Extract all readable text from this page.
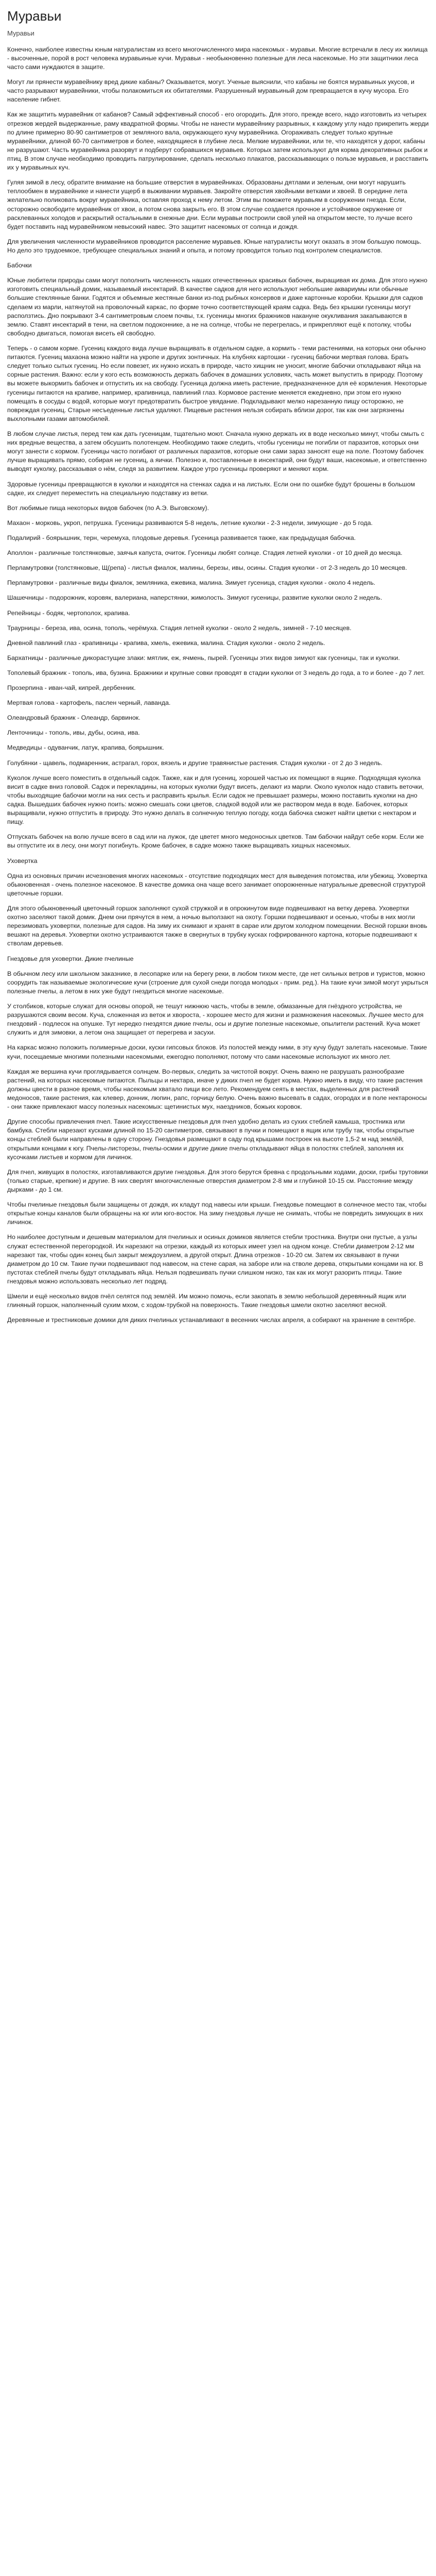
Муравьи
Муравьи

Конечно, наиболее известны юным натуралистам из всего многочисленного мира насекомых - муравьи. Многие встречали в лесу их жилища - высоченные, порой в рост человека муравьиные кучи. Муравьи - необыкновенно полезные для леса насекомые. Но эти защитники леса часто сами нуждаются в защите.

Могут ли прянести муравейнику вред дикие кабаны? Оказывается, могут. Ученые выяснили, что кабаны не боятся муравьиных укусов, и часто разрывают муравейники, чтобы полакомиться их обитателями. Разрушенный муравьиный дом превращается в кучу мусора. Его население гибнет.

Как же защитить муравейник от кабанов? Самый эффективный способ - его огородить. Для этого, прежде всего, надо изготовить из четырех отрезков жердей выдержанные, раму квадратной формы. Чтобы не нанести муравейнику разрывных, к каждому углу надо прикрепить жерди по длине примерно 80-90 сантиметров от земляного вала, окружающего кучу муравейника. Огораживать следует только крупные муравейники, длиной 60-70 сантиметров и более, находящиеся в глубине леса. Мелкие муравейники, или те, что находятся у дорог, кабаны не разрушают. Часть муравейника разорвут и подберут собравшихся муравьев. Которых затем используют для корма декоративных рыбок и птиц. В этом случае необходимо проводить патрулирование, сделать несколько плакатов, рассказывающих о пользе муравьев, и расставить их у муравьиных куч.

Гуляя зимой в лесу, обратите внимание на большие отверстия в муравейниках. Образованы дятлами и зеленым, они могут нарушить теплообмен в муравейнике и нанести ущерб в выживании муравьев. Закройте отверстия хвойными ветками и хвоей. В середине лета желательно поликовать вокруг муравейника, оставляя проход к нему летом. Этим вы поможете муравьям в сооружении гнезда. Если, осторожно освободите муравейник от хвои, а потом снова закрыть его. В этом случае создается прочное и устойчивое окружение от расклеванных холодов и раскрытий остальными в снежные дни. Если муравьи построили свой улей на открытом месте, то лучше всего будет поставить над муравейником невысокий навес. Это защитит насекомых от солнца и дождя.

Для увеличения численности муравейников проводится расселение муравьев. Юные натуралисты могут оказать в этом большую помощь. Но дело это трудоемкое, требующее специальных знаний и опыта, и потому проводится только под контролем специалистов.

Бабочки

Юные любители природы сами могут пополнить численность наших отечественных красивых бабочек, выращивая их дома. Для этого нужно изготовить специальный домик, называемый инсектарий. В качестве садков для него используют небольшие аквариумы или обычные большие стеклянные банки. Годятся и объемные жестяные банки из-под рыбных консервов и даже картонные коробки. Крышки для садков сделаем из марли, натянутой на проволочный каркас, по форме точно соответствующей краям садка. Ведь без крышки гусеницы могут расползтись. Дно покрывают 3-4 сантиметровым слоем почвы, т.к. гусеницы многих бражников накануне окукливания закапываются в землю. Ставят инсектарий в тени, на светлом подоконнике, а не на солнце, чтобы не перегрелась, и прикрепляют ещё к потолку, чтобы свободно двигаться, помогая висеть ей свободно.

Теперь - о самом корме. Гусениц каждого вида лучше выращивать в отдельном садке, а кормить - теми растениями, на которых они обычно питаются. Гусениц махаона можно найти на укропе и других зонтичных. На клубнях картошки - гусениц бабочки мертвая голова. Брать следует только сытых гусениц. Но если повезет, их нужно искать в природе, часто хищник не уносит, многие бабочки откладывают яйца на сорные растения. Важно: если у кого есть возможность держать бабочек в домашних условиях, часть может выпустить в природу. Поэтому вы можете выкормить бабочек и отпустить их на свободу. Гусеница должна иметь растение, предназначенное для её кормления. Некоторые гусеницы питаются на крапиве, например, крапивница, павлиний глаз. Кормовое растение меняется ежедневно, при этом его нужно помещать в сосуды с водой, которые могут предотвратить быстрое увядание. Подкладывают мелко нарезанную пищу осторожно, не повреждая гусениц. Старые несъеденные листья удаляют. Пищевые растения нельзя собирать вблизи дорог, так как они загрязнены выхлопными газами автомобилей.

В любом случае листья, перед тем как дать гусеницам, тщательно моют. Сначала нужно держать их в воде несколько минут, чтобы смыть с них вредные вещества, а затем обсушить полотенцем. Необходимо также следить, чтобы гусеницы не погибли от паразитов, которых они могут занести с кормом. Гусеницы часто погибают от различных паразитов, которые они сами зараз заносят еще на поле. Поэтому бабочек лучше выращивать прямо, собирая не гусениц, а яички. Полезно и, поставленные в инсектарий, они будут ваши, насекомые, и ответственно выводят куколку, рассказывая о нём, следя за развитием. Каждое утро гусеницы проверяют и меняют корм.

Здоровые гусеницы превращаются в куколки и находятся на стенках садка и на листьях. Если они по ошибке будут брошены в большом садке, их следует переместить на специальную подставку из ветки.

Вот любимые пища некоторых видов бабочек (по А.Э. Выговскому).

Махаон - морковь, укроп, петрушка. Гусеницы развиваются 5-8 недель, летние куколки - 2-3 недели, зимующие - до 5 года.

Подалирий - боярышник, терн, черемуха, плодовые деревья. Гусеница развивается также, как предыдущая бабочка.

Аполлон - различные толстянковые, заячья капуста, очиток. Гусеницы любят солнце. Стадия летней куколки - от 10 дней до месяца.

Перламутровки (толстянковые, Щ(репа) - листья фиалок, малины, березы, ивы, осины. Стадия куколки - от 2-3 недель до 10 месяцев.

Перламутровки - различные виды фиалок, земляника, ежевика, малина. Зимует гусеница, стадия куколки - около 4 недель.

Шашечницы - подорожник, коровяк, валериана, наперстянки, жимолость. Зимуют гусеницы, развитие куколки около 2 недель.

Репейницы - бодяк, чертополох, крапива.

Траурницы - береза, ива, осина, тополь, черёмуха. Стадия летней куколки - около 2 недель, зимней - 7-10 месяцев.

Дневной павлиний глаз - крапивницы - крапива, хмель, ежевика, малина. Стадия куколки - около 2 недель.

Бархатницы - различные дикорастущие злаки: мятлик, еж, ячмень, пырей. Гусеницы этих видов зимуют как гусеницы, так и куколки.

Тополевый бражник - тополь, ива, бузина. Бражники и крупные совки проводят в стадии куколки от 3 недель до года, а то и более - до 7 лет.

Прозерпина - иван-чай, кипрей, дербенник.

Мертвая голова - картофель, паслен черный, лаванда.

Олеандровый бражник - Олеандр, барвинок.

Ленточницы - тополь, ивы, дубы, осина, ива.

Медведицы - одуванчик, латук, крапива, боярышник.

Голубянки - щавель, подмаренник, астрагал, горох, вязель и другие травянистые растения. Стадия куколки - от 2 до 3 недель.

Куколок лучше всего поместить в отдельный садок. Также, как и для гусениц, хорошей частью их помещают в ящике. Подходящая куколка висит в садке вниз головой. Садок и перекладины, на которых куколки будут висеть, делают из марли. Около куколок надо ставить веточки, чтобы выходящие бабочки могли на них сесть и расправить крылья. Если садок не превышает размеры, можно поставить куколки на дно садка. Вышедших бабочек нужно поить: можно смешать соки цветов, сладкой водой или же раствором меда в воде. Бабочек, которых выращивали, нужно отпустить в природу. Это нужно делать в солнечную теплую погоду, когда бабочка сможет найти цветки с нектаром и пищу.

Отпускать бабочек на волю лучше всего в сад или на лужок, где цветет много медоносных цветков. Там бабочки найдут себе корм. Если же вы отпустите их в лесу, они могут погибнуть. Кроме бабочек, в садке можно также выращивать хищных насекомых.

Уховертка

Одна из основных причин исчезновения многих насекомых - отсутствие подходящих мест для выведения потомства, или убежищ. Уховертка обыкновенная - очень полезное насекомое. В качестве домика она чаще всего занимает опорожненные натуральные древесной структурой цветочные горшки.

Для этого обыкновенный цветочный горшок заполняют сухой стружкой и в опрокинутом виде подвешивают на ветку дерева. Уховертки охотно заселяют такой домик. Днем они прячутся в нем, а ночью выползают на охоту. Горшки подвешивают и осенью, чтобы в них могли перезимовать уховертки, полезные для садов. На зиму их снимают и хранят в сарае или другом холодном помещении. Весной горшки вновь вешают на деревья. Уховертки охотно устраиваются также в свернутых в трубку кусках гофрированного картона, которые подвешивают к стволам деревьев.

Гнездовье для уховертки. Дикие пчелиные

В обычном лесу или школьном заказнике, в лесопарке или на берегу реки, в любом тихом месте, где нет сильных ветров и туристов, можно соорудить так называемые экологические кучи (строение для сухой снеди погода молодых - прим. ред.). Нa такие кучи зимой могут укрыться полезные пчелы, а летом в них уже будут гнездиться многие насекомые.

У столбиков, которые служат для основы опорой, не тешут нижнюю часть, чтобы в земле, обмазанные для гнёздного устройства, не разрушаются своим весом. Куча, сложенная из веток и хвороста, - хорошее место для жизни и размножения насекомых. Лучшее место для гнездовий - подлесок на опушке. Тут нередко гнездятся дикие пчелы, осы и другие полезные насекомые, опылители растений. Куча может служить и для зимовки, а летом она защищает от перегрева и засухи.

На каркас можно положить полимерные доски, куски гипсовых блоков. Из полостей между ними, в эту кучу будут залетать насекомые. Такие кучи, посещаемые многими полезными насекомыми, ежегодно пополняют, потому что сами насекомые используют их много лет.

Каждая же вершина кучи проглядывается солнцем. Во-первых, следить за чистотой вокруг. Очень важно не разрушать разнообразие растений, на которых насекомые питаются. Пыльцы и нектара, иначе у диких пчел не будет корма. Нужно иметь в виду, что такие растения должны цвести в разное время, чтобы насекомым хватало пищи все лето. Рекомендуем сеять в местах, выделенных для растений медоносов, такие растения, как клевер, донник, люпин, рапс, горчицу белую. Очень важно высевать в садах, огородах и в поле нектароносы - они также привлекают массу полезных насекомых: щетинистых мух, наездников, божьих коровок.

Другие способы привлечения пчел. Такие искусственные гнездовья для пчел удобно делать из сухих стеблей камыша, тростника или бамбука. Стебли нарезают кусками длиной по 15-20 сантиметров, связывают в пучки и помещают в ящик или трубу так, чтобы открытые концы стеблей были направлены в одну сторону. Гнездовья размещают в саду под крышами построек на высоте 1,5-2 м над землёй, открытыми концами к югу. Пчелы-листорезы, пчелы-осмии и другие дикие пчелы откладывают яйца в полостях стеблей, заполняя их кусочками листьев и кормом для личинок.

Для пчел, живущих в полостях, изготавливаются другие гнездовья. Для этого берутся бревна с продольными ходами, доски, грибы трутовики (только старые, крепкие) и другие. В них сверлят многочисленные отверстия диаметром 2-8 мм и глубиной 10-15 см. Расстояние между дырками - до 1 см.

Чтобы пчелиные гнездовья были защищены от дождя, их кладут под навесы или крыши. Гнездовье помещают в солнечное место так, чтобы открытые концы каналов были обращены на юг или юго-восток. На зиму гнездовья лучше не снимать, чтобы не повредить зимующих в них личинок.

Но наиболее доступным и дешевым материалом для пчелиных и осиных домиков является стебли тростника. Внутри они пустые, а узлы служат естественной перегородкой. Их нарезают на отрезки, каждый из которых имеет узел на одном конце. Стебли диаметром 2-12 мм нарезают так, чтобы один конец был закрыт междоузлием, а другой открыт. Длина отрезков - 10-20 см. Затем их связывают в пучки диаметром до 10 см. Такие пучки подвешивают под навесом, на стене сарая, на заборе или на стволе дерева, открытыми концами на юг. В пустотах стеблей пчелы будут откладывать яйца. Нельзя подвешивать пучки слишком низко, так как их могут разорить птицы. Такие гнездовья можно использовать несколько лет подряд.

Шмели и ещё несколько видов пчёл селятся под землёй. Им можно помочь, если закопать в землю небольшой деревянный ящик или глиняный горшок, наполненный сухим мхом, с ходом-трубкой на поверхность. Такие гнездовья шмели охотно заселяют весной.

Деревянные и трестниковые домики для диких пчелиных устанавливают в весенних числах апреля, а собирают на хранение в сентябре.
